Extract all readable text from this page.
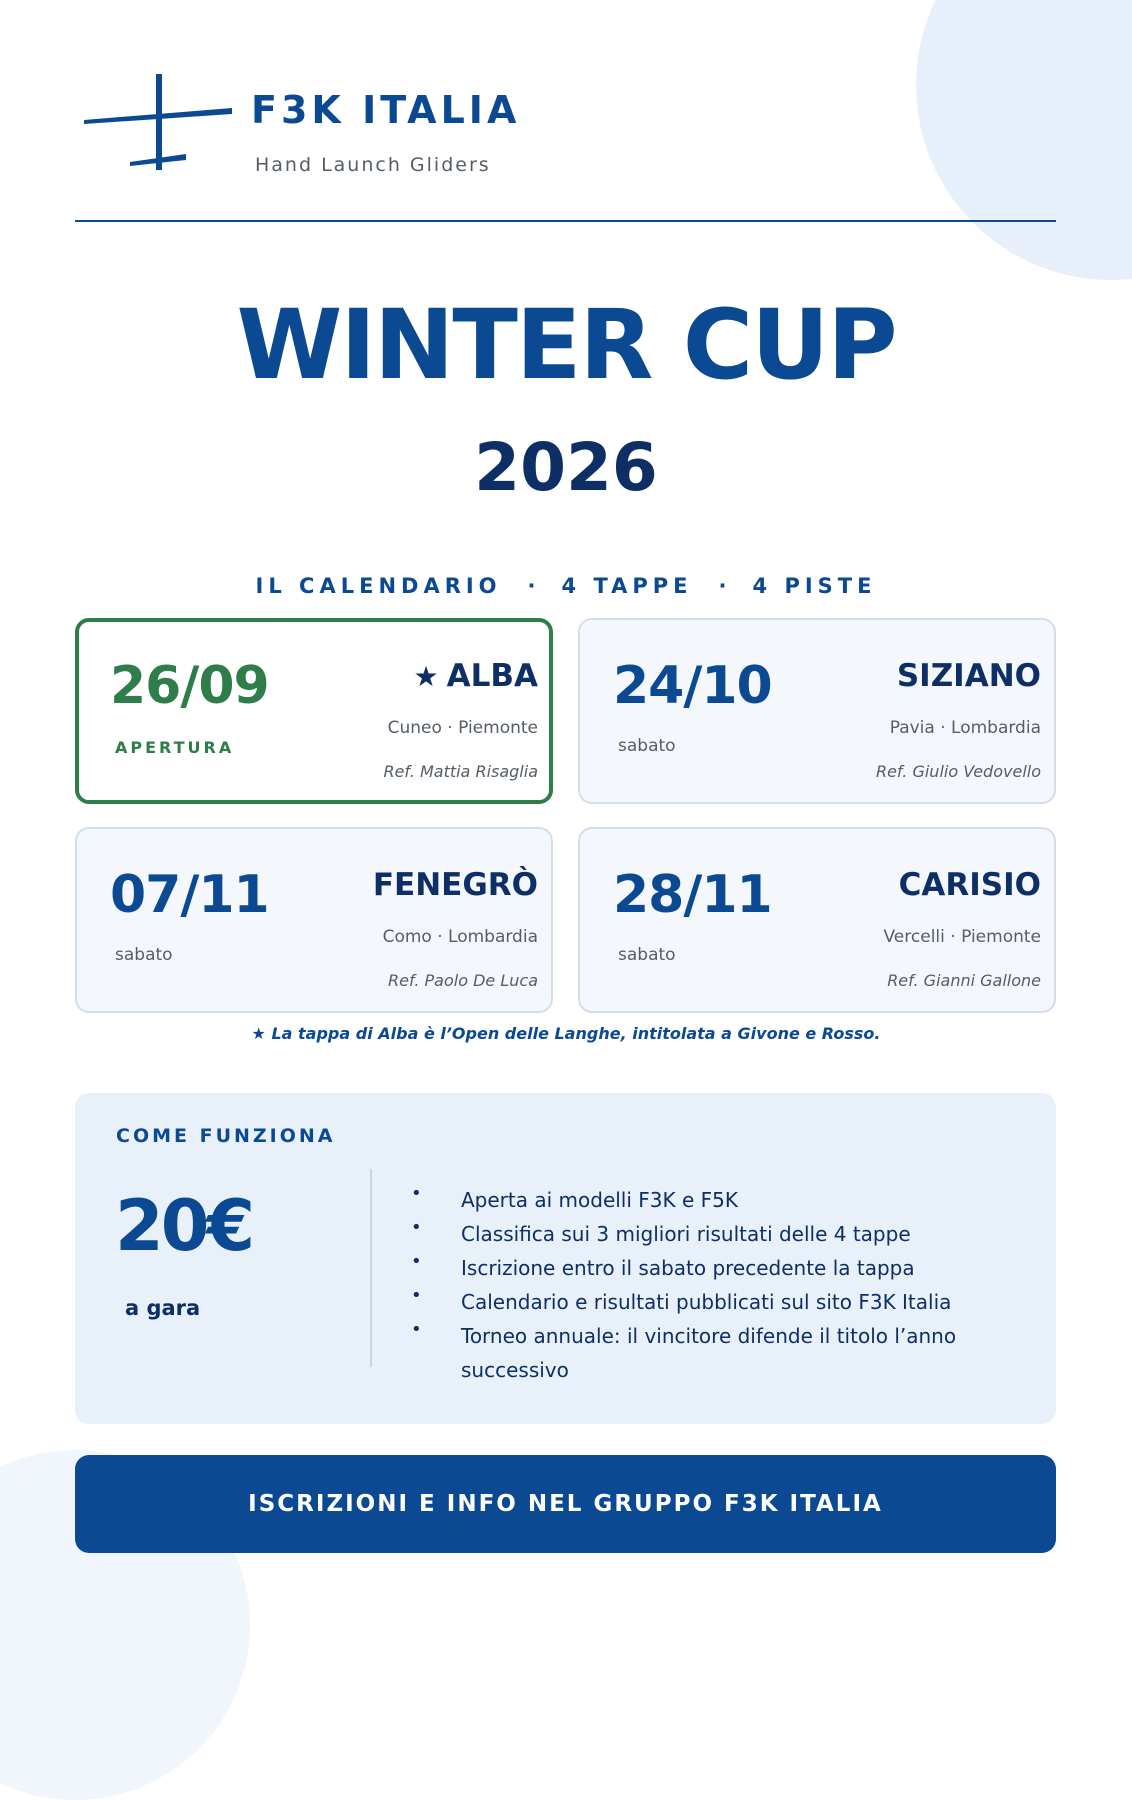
F3K ITALIA
Hand Launch Gliders
WINTER CUP
2026
IL CALENDARIO · 4 TAPPE · 4 PISTE
26/09
APERTURA
★ ALBA
Cuneo · Piemonte
Ref. Mattia Risaglia
24/10
sabato
SIZIANO
Pavia · Lombardia
Ref. Giulio Vedovello
07/11
sabato
FENEGRÒ
Como · Lombardia
Ref. Paolo De Luca
28/11
sabato
CARISIO
Vercelli · Piemonte
Ref. Gianni Gallone
★ La tappa di Alba è l’Open delle Langhe, intitolata a Givone e Rosso.
COME FUNZIONA
20€
a gara
• Aperta ai modelli F3K e F5K
• Classifica sui 3 migliori risultati delle 4 tappe
• Iscrizione entro il sabato precedente la tappa
• Calendario e risultati pubblicati sul sito F3K Italia
• Torneo annuale: il vincitore difende il titolo l’anno successivo
ISCRIZIONI E INFO NEL GRUPPO F3K ITALIA
